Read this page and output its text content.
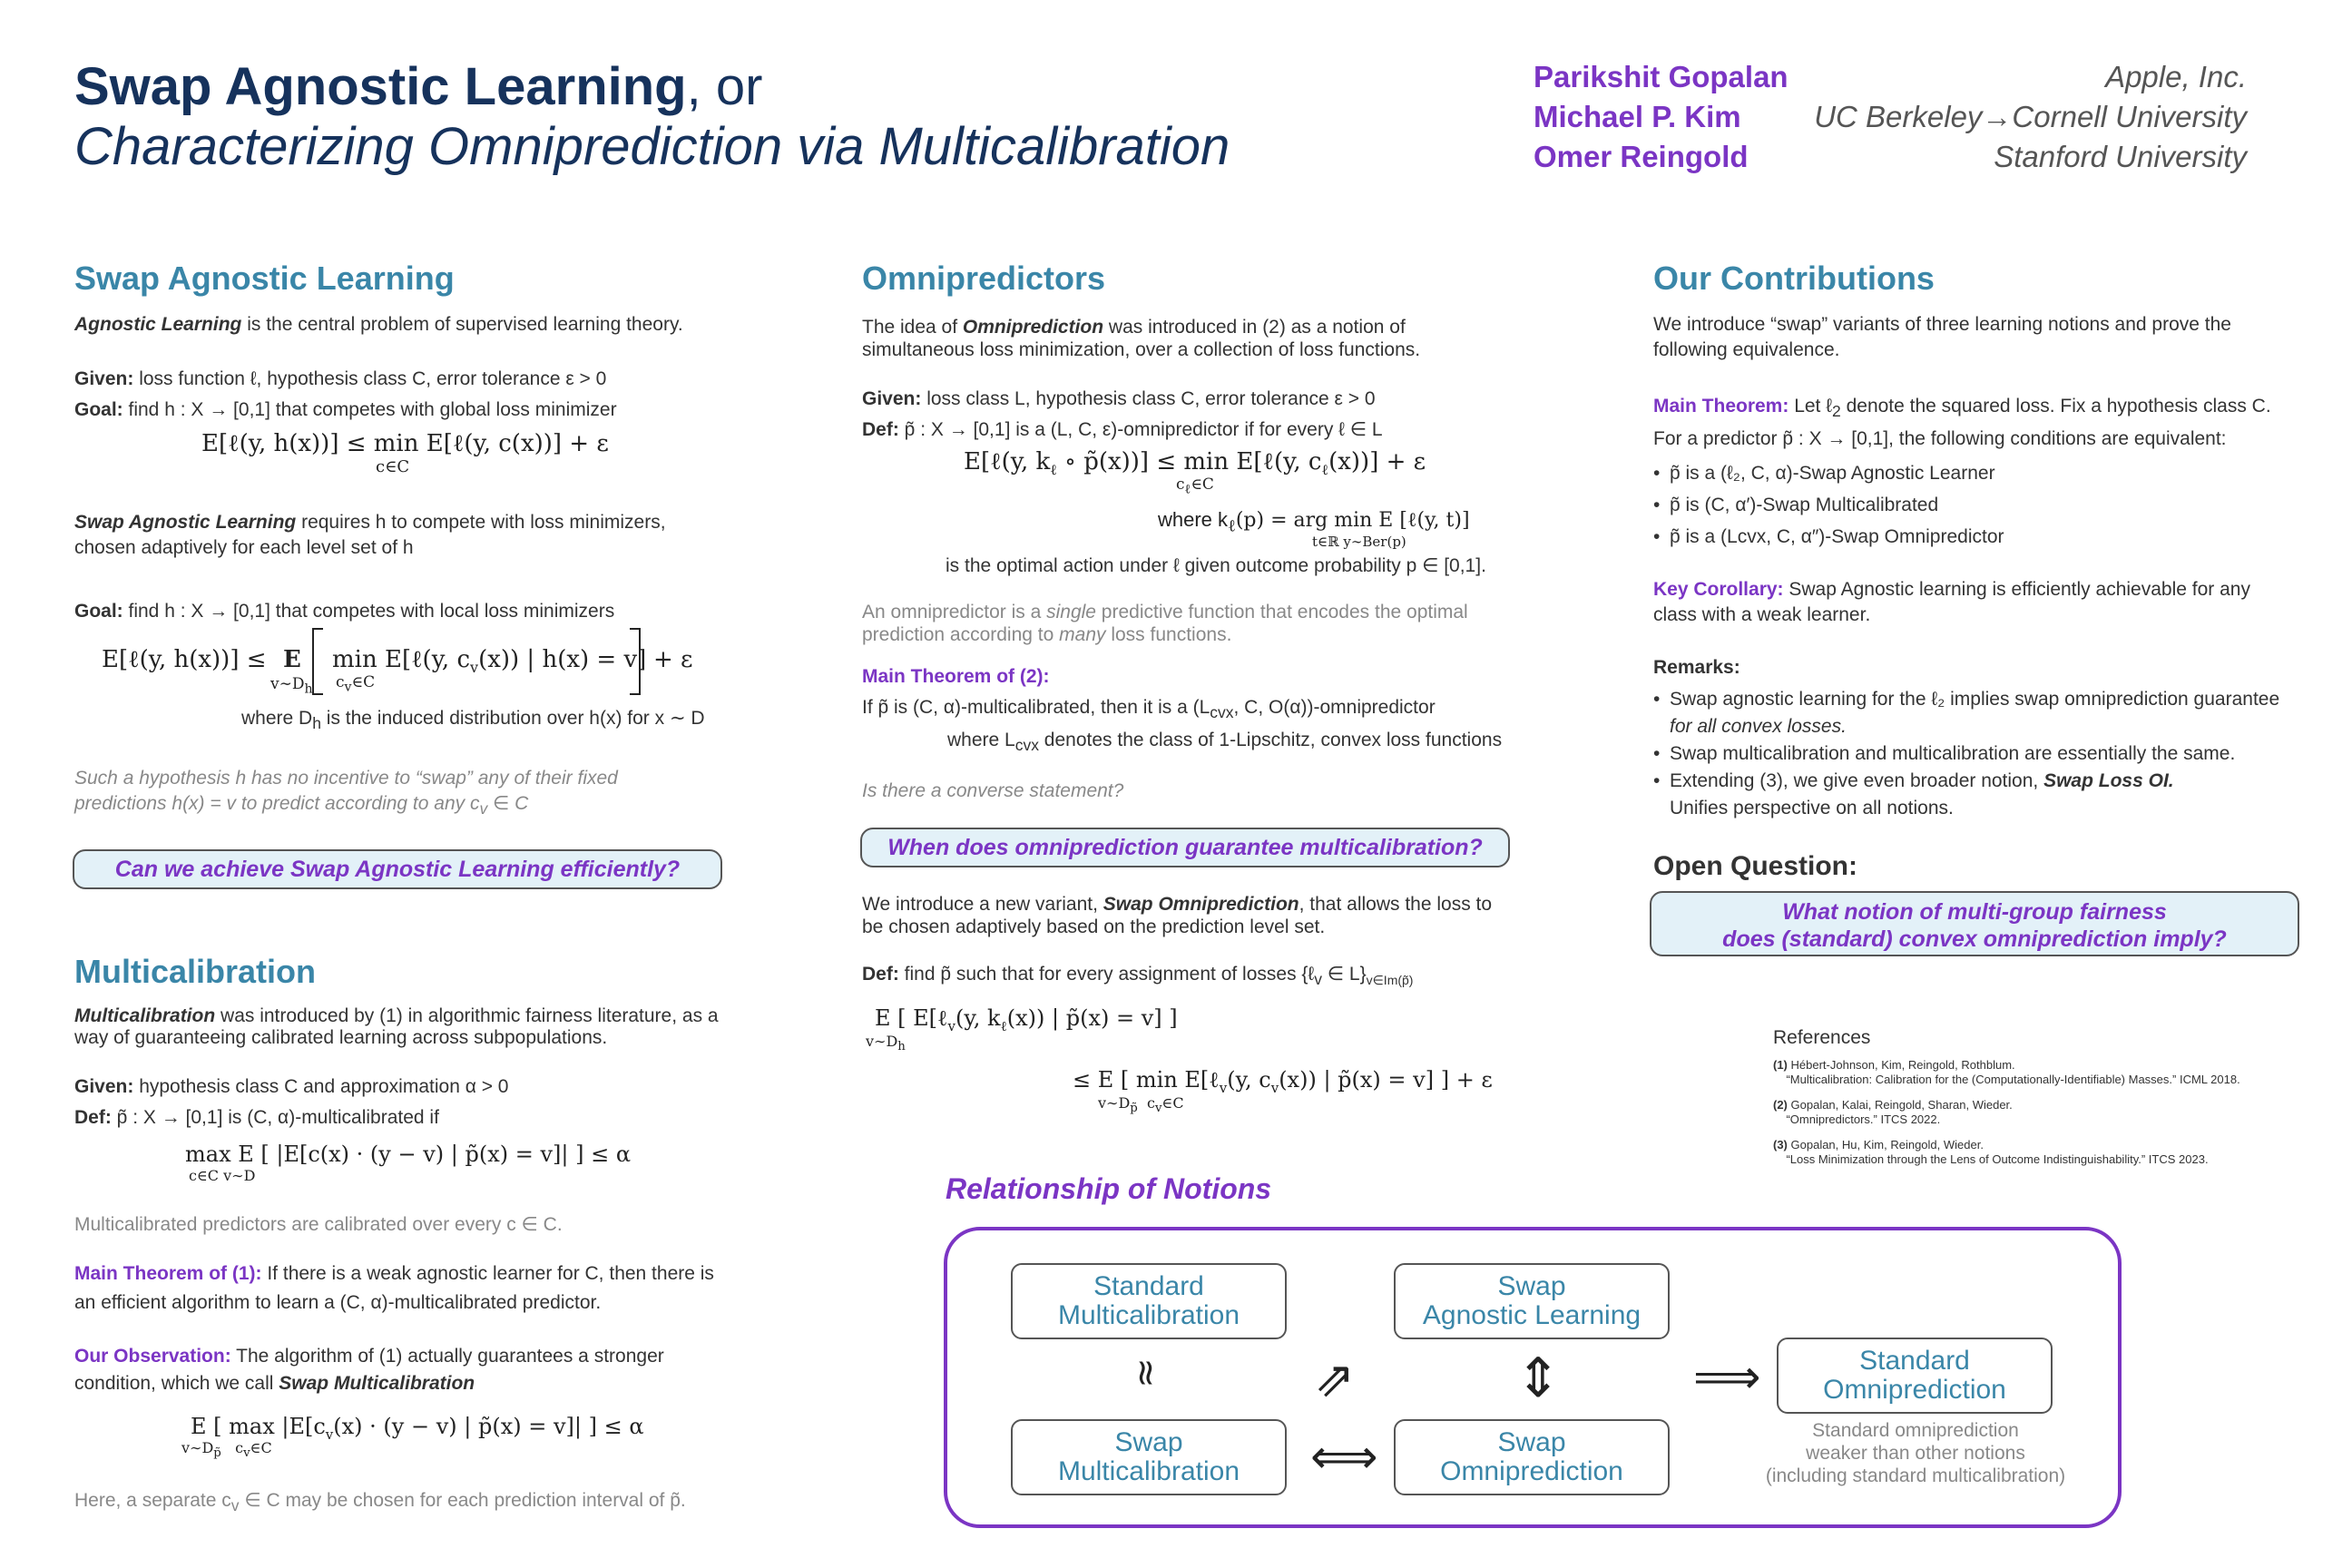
Swap Agnostic Learning, or
Characterizing Omniprediction via Multicalibration
Parikshit Gopalan
Michael P. Kim
Omer Reingold
Apple, Inc.
UC Berkeley→Cornell University
Stanford University
Swap Agnostic Learning
Agnostic Learning is the central problem of supervised learning theory.
Given: loss function ℓ, hypothesis class C, error tolerance ε > 0
Goal: find h : X → [0,1] that competes with global loss minimizer
E[ℓ(y, h(x))] ≤ min E[ℓ(y, c(x))] + ε
c∈C
Swap Agnostic Learning requires h to compete with loss minimizers,
chosen adaptively for each level set of h
Goal: find h : X → [0,1] that competes with local loss minimizers
E[ℓ(y, h(x))] ≤ E
$v\sim D_h$
min E[ℓ(y, $c_v(x)$) | h(x) = v]
$c_v\in C$
+ ε
where $D_h$ is the induced distribution over h(x) for x ∼ D
Such a hypothesis h has no incentive to “swap” any of their fixed
predictions h(x) = v to predict according to any $c_v$ ∈ C
Can we achieve Swap Agnostic Learning efficiently?
Multicalibration
Multicalibration was introduced by (1) in algorithmic fairness literature, as a way of guaranteeing calibrated learning across subpopulations.
Given: hypothesis class C and approximation α > 0
Def: p̃ : X → [0,1] is (C, α)-multicalibrated if
max E [ |E[c(x) · (y − v) | p̃(x) = v]| ] ≤ α
c∈C v∼D
Multicalibrated predictors are calibrated over every c ∈ C.
Main Theorem of (1): If there is a weak agnostic learner for C, then there is an efficient algorithm to learn a (C, α)-multicalibrated predictor.
Our Observation: The algorithm of (1) actually guarantees a stronger condition, which we call Swap Multicalibration
E [ $\max |E[c_v(x) \cdot (y - v)$ | p̃(x) = v]| ] ≤ α
$v\sim D_{p̃}$ $c_v\in C$
Here, a separate $c_v$ ∈ C may be chosen for each prediction interval of p̃.
Omnipredictors
The idea of Omniprediction was introduced in (2) as a notion of simultaneous loss minimization, over a collection of loss functions.
Given: loss class L, hypothesis class C, error tolerance ε > 0
Def: p̃ : X → [0,1] is a (L, C, ε)-omnipredictor if for every ℓ ∈ L
E[ℓ(y, $k_\ell$ ∘ p̃(x))] ≤ min E[ℓ(y, $c_\ell(x))] + \varepsilon$
$c_\ell\in C$
where $k_\ell(p)$ = arg min E [ℓ(y, t)]
t∈ℝ y∼Ber(p)
is the optimal action under ℓ given outcome probability p ∈ [0,1].
An omnipredictor is a single predictive function that encodes the optimal prediction according to many loss functions.
Main Theorem of (2):
If p̃ is (C, α)-multicalibrated, then it is a ($L_{cvx}$, C, O(α))-omnipredictor
where $L_{cvx}$ denotes the class of 1-Lipschitz, convex loss functions
Is there a converse statement?
When does omniprediction guarantee multicalibration?
We introduce a new variant, Swap Omniprediction, that allows the loss to be chosen adaptively based on the prediction level set.
Def: find p̃ such that for every assignment of losses {ℓ$_v$ ∈ $L\}_{v\in Im(p̃)}$
E [ E[ℓ$_v$(y, $k_\ell(x)$) | p̃(x) = v] ]
$v\sim D_h$
≤ E [ min E[ℓ$_v$(y, $c_v(x)$) | p̃(x) = v] ] + ε
$v\sim D_{p̃}$ $c_v\in C$
Our Contributions
We introduce “swap” variants of three learning notions and prove the following equivalence.
Main Theorem: Let ℓ$_2$ denote the squared loss. Fix a hypothesis class C.
For a predictor p̃ : X → [0,1], the following conditions are equivalent:
• p̃ is a (ℓ₂, C, α)-Swap Agnostic Learner
• p̃ is (C, α′)-Swap Multicalibrated
• p̃ is a (Lcvx, C, α″)-Swap Omnipredictor
Key Corollary: Swap Agnostic learning is efficiently achievable for any class with a weak learner.
Remarks:
• Swap agnostic learning for the ℓ₂ implies swap omniprediction guarantee for all convex losses.
• Swap multicalibration and multicalibration are essentially the same.
• Extending (3), we give even broader notion, Swap Loss OI.
Unifies perspective on all notions.
Open Question:
What notion of multi-group fairness
does (standard) convex omniprediction imply?
References
(1) Hébert-Johnson, Kim, Reingold, Rothblum.
“Multicalibration: Calibration for the (Computationally-Identifiable) Masses.” ICML 2018.
(2) Gopalan, Kalai, Reingold, Sharan, Wieder.
“Omnipredictors.” ITCS 2022.
(3) Gopalan, Hu, Kim, Reingold, Wieder.
“Loss Minimization through the Lens of Outcome Indistinguishability.” ITCS 2023.
Relationship of Notions
Standard
Multicalibration
Swap
Agnostic Learning
Swap
Multicalibration
Swap
Omniprediction
Standard
Omniprediction
≈	⇗	⇕
⟺
⟹
Standard omniprediction
weaker than other notions
(including standard multicalibration)
